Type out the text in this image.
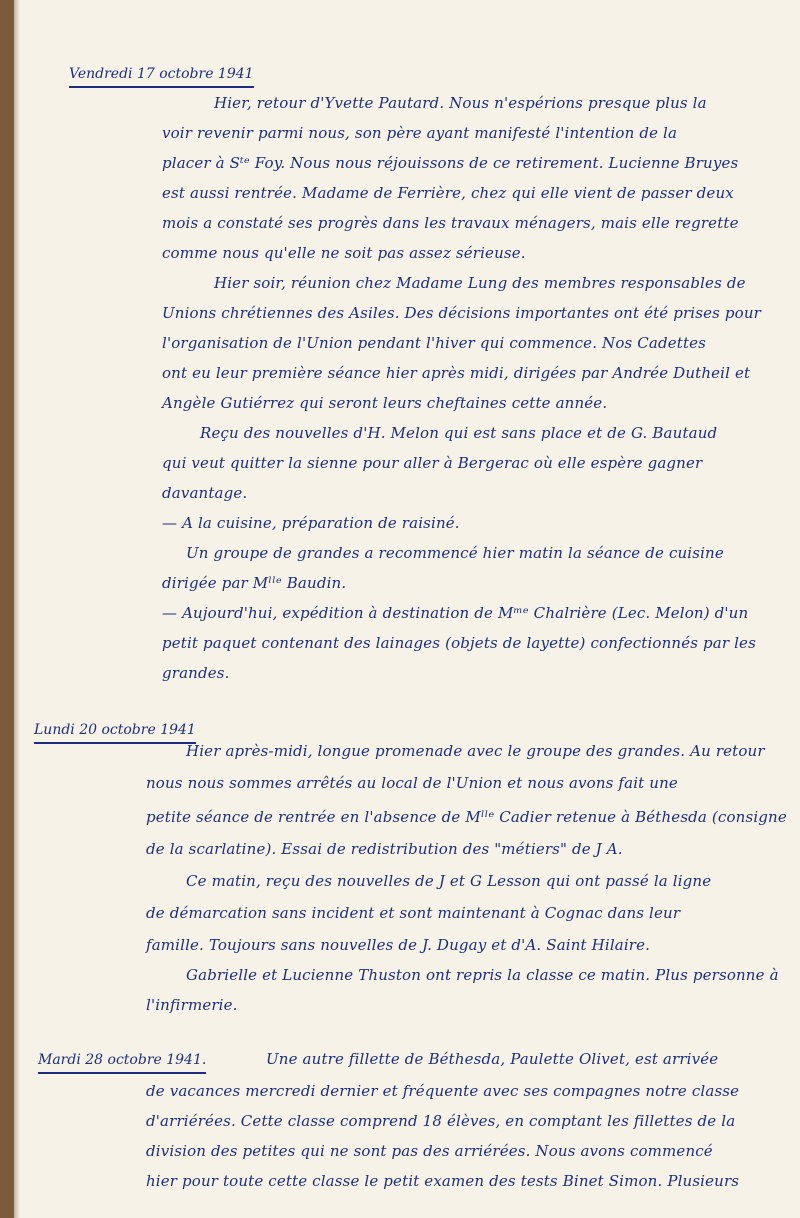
Vendredi 17 octobre 1941
Hier, retour d'Yvette Pautard. Nous n'espérions presque plus la
voir revenir parmi nous, son père ayant manifesté l'intention de la
placer à Sᵗᵉ Foy. Nous nous réjouissons de ce retirement. Lucienne Bruyes
est aussi rentrée. Madame de Ferrière, chez qui elle vient de passer deux
mois a constaté ses progrès dans les travaux ménagers, mais elle regrette
comme nous qu'elle ne soit pas assez sérieuse.
Hier soir, réunion chez Madame Lung des membres responsables de
Unions chrétiennes des Asiles. Des décisions importantes ont été prises pour
l'organisation de l'Union pendant l'hiver qui commence. Nos Cadettes
ont eu leur première séance hier après midi, dirigées par Andrée Dutheil et
Angèle Gutiérrez qui seront leurs cheftaines cette année.
Reçu des nouvelles d'H. Melon qui est sans place et de G. Bautaud
qui veut quitter la sienne pour aller à Bergerac où elle espère gagner
davantage.
— A la cuisine, préparation de raisiné.
Un groupe de grandes a recommencé hier matin la séance de cuisine
dirigée par Mˡˡᵉ Baudin.
— Aujourd'hui, expédition à destination de Mᵐᵉ Chalrière (Lec. Melon) d'un
petit paquet contenant des lainages (objets de layette) confectionnés par les
grandes.
Lundi 20 octobre 1941
Hier après-midi, longue promenade avec le groupe des grandes. Au retour
nous nous sommes arrêtés au local de l'Union et nous avons fait une
petite séance de rentrée en l'absence de Mˡˡᵉ Cadier retenue à Béthesda (consigne
de la scarlatine). Essai de redistribution des "métiers" de J A.
Ce matin, reçu des nouvelles de J et G Lesson qui ont passé la ligne
de démarcation sans incident et sont maintenant à Cognac dans leur
famille. Toujours sans nouvelles de J. Dugay et d'A. Saint Hilaire.
Gabrielle et Lucienne Thuston ont repris la classe ce matin. Plus personne à
l'infirmerie.
Mardi 28 octobre 1941.	Une autre fillette de Béthesda, Paulette Olivet, est arrivée
de vacances mercredi dernier et fréquente avec ses compagnes notre classe
d'arriérées. Cette classe comprend 18 élèves, en comptant les fillettes de la
division des petites qui ne sont pas des arriérées. Nous avons commencé
hier pour toute cette classe le petit examen des tests Binet Simon. Plusieurs
